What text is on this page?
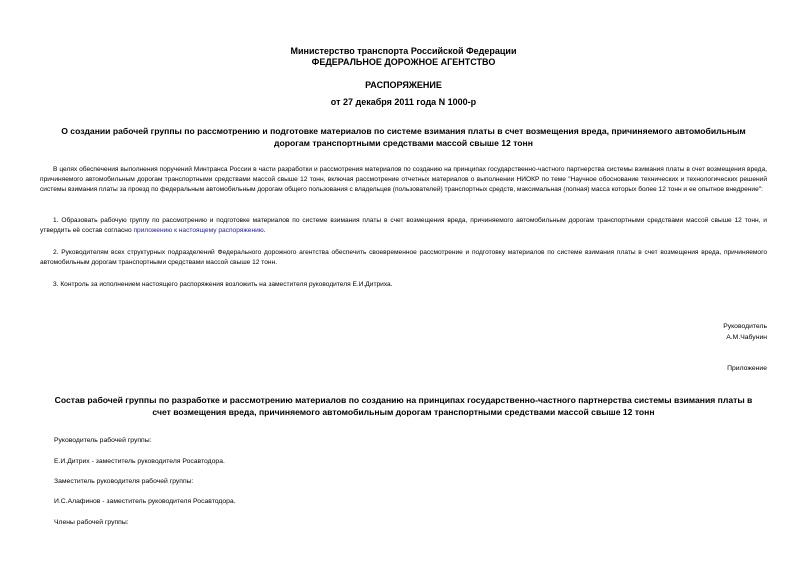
Министерство транспорта Российской Федерации
ФЕДЕРАЛЬНОЕ ДОРОЖНОЕ АГЕНТСТВО
РАСПОРЯЖЕНИЕ
от 27 декабря 2011 года N 1000-р
О создании рабочей группы по рассмотрению и подготовке материалов по системе взимания платы в счет возмещения вреда, причиняемого автомобильным
дорогам транспортными средствами массой свыше 12 тонн
В целях обеспечения выполнения поручений Минтранса России в части разработки и рассмотрения материалов по созданию на принципах государственно-частного партнерства системы взимания платы в счет возмещения вреда, причиняемого автомобильным дорогам транспортными средствами массой свыше 12 тонн, включая рассмотрение отчетных материалов о выполнении НИОКР по теме "Научное обоснование технических и технологических решений системы взимания платы за проезд по федеральным автомобильным дорогам общего пользования с владельцев (пользователей) транспортных средств, максимальная (полная) масса которых более 12 тонн и ее опытное внедрение":
1. Образовать рабочую группу по рассмотрению и подготовке материалов по системе взимания платы в счет возмещения вреда, причиняемого автомобильным дорогам транспортными средствами массой свыше 12 тонн, и утвердить её состав согласно приложению к настоящему распоряжению.
2. Руководителям всех структурных подразделений Федерального дорожного агентства обеспечить своевременное рассмотрение и подготовку материалов по системе взимания платы в счет возмещения вреда, причиняемого автомобильным дорогам транспортными средствами массой свыше 12 тонн.
3. Контроль за исполнением настоящего распоряжения возложить на заместителя руководителя Е.И.Дитриха.
Руководитель
А.М.Чабунин
Приложение
Состав рабочей группы по разработке и рассмотрению материалов по созданию на принципах государственно-частного партнерства системы взимания платы в
счет возмещения вреда, причиняемого автомобильным дорогам транспортными средствами массой свыше 12 тонн
Руководитель рабочей группы:
Е.И.Дитрих - заместитель руководителя Росавтодора.
Заместитель руководителя рабочей группы:
И.С.Алафинов - заместитель руководителя Росавтодора.
Члены рабочей группы:
